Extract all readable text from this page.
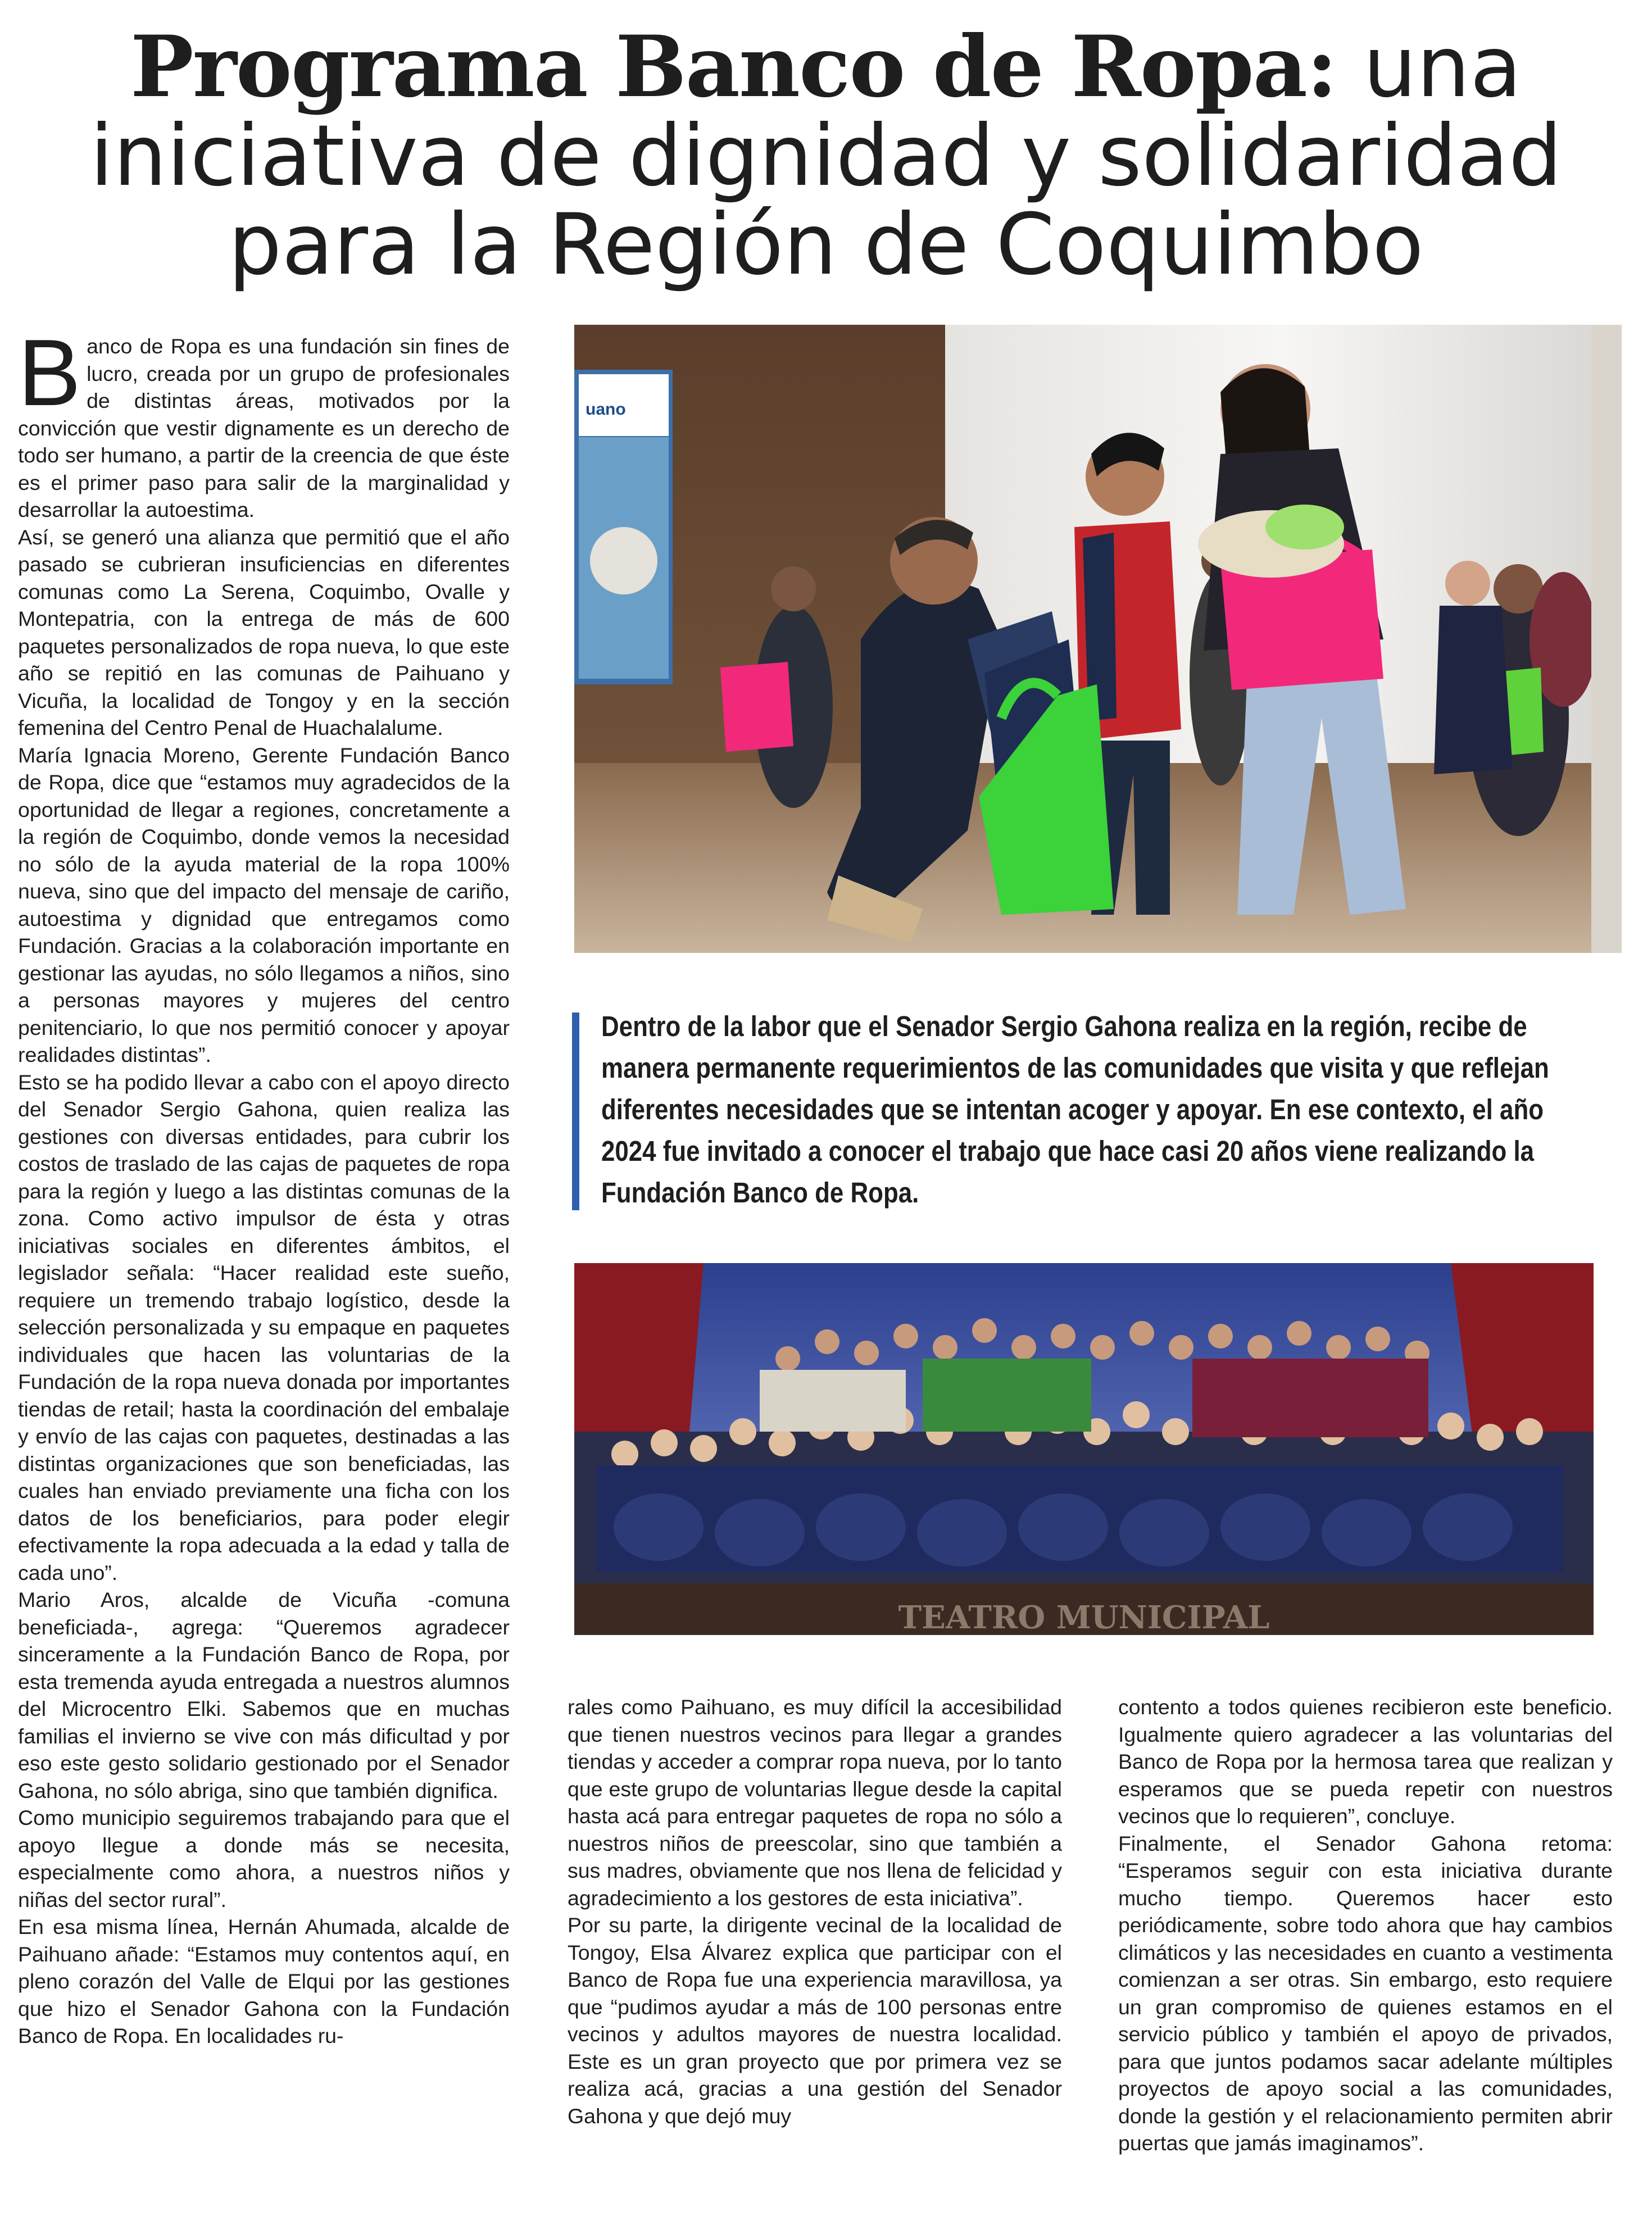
Programa Banco de Ropa: una iniciativa de dignidad y solidaridad para la Región de Coquimbo
B anco de Ropa es una fundación sin fines de lucro, creada por un grupo de profesionales de distintas áreas, motivados por la convicción que vestir dignamente es un derecho de todo ser humano, a partir de la creencia de que éste es el primer paso para salir de la marginalidad y desarrollar la autoestima.

Así, se generó una alianza que permitió que el año pasado se cubrieran insuficiencias en diferentes comunas como La Serena, Coquimbo, Ovalle y Montepatria, con la entrega de más de 600 paquetes personalizados de ropa nueva, lo que este año se repitió en las comunas de Paihuano y Vicuña, la localidad de Tongoy y en la sección femenina del Centro Penal de Huachalalume.

María Ignacia Moreno, Gerente Fundación Banco de Ropa, dice que “estamos muy agradecidos de la oportunidad de llegar a regiones, concretamente a la región de Coquimbo, donde vemos la necesidad no sólo de la ayuda material de la ropa 100% nueva, sino que del impacto del mensaje de cariño, autoestima y dignidad que entregamos como Fundación. Gracias a la colaboración importante en gestionar las ayudas, no sólo llegamos a niños, sino a personas mayores y mujeres del centro penitenciario, lo que nos permitió conocer y apoyar realidades distintas”.

Esto se ha podido llevar a cabo con el apoyo directo del Senador Sergio Gahona, quien realiza las gestiones con diversas entidades, para cubrir los costos de traslado de las cajas de paquetes de ropa para la región y luego a las distintas comunas de la zona. Como activo impulsor de ésta y otras iniciativas sociales en diferentes ámbitos, el legislador señala: “Hacer realidad este sueño, requiere un tremendo trabajo logístico, desde la selección personalizada y su empaque en paquetes individuales que hacen las voluntarias de la Fundación de la ropa nueva donada por importantes tiendas de retail; hasta la coordinación del embalaje y envío de las cajas con paquetes, destinadas a las distintas organizaciones que son beneficiadas, las cuales han enviado previamente una ficha con los datos de los beneficiarios, para poder elegir efectivamente la ropa adecuada a la edad y talla de cada uno”.

Mario Aros, alcalde de Vicuña -comuna beneficiada-, agrega: “Queremos agradecer sinceramente a la Fundación Banco de Ropa, por esta tremenda ayuda entregada a nuestros alumnos del Microcentro Elki. Sabemos que en muchas familias el invierno se vive con más dificultad y por eso este gesto solidario gestionado por el Senador Gahona, no sólo abriga, sino que también dignifica.

Como municipio seguiremos trabajando para que el apoyo llegue a donde más se necesita, especialmente como ahora, a nuestros niños y niñas del sector rural”.

En esa misma línea, Hernán Ahumada, alcalde de Paihuano añade: “Estamos muy contentos aquí, en pleno corazón del Valle de Elqui por las gestiones que hizo el Senador Gahona con la Fundación Banco de Ropa. En localidades ru-

uano

Dentro de la labor que el Senador Sergio Gahona realiza en la región, recibe de manera permanente requerimientos de las comunidades que visita y que reflejan diferentes necesidades que se intentan acoger y apoyar. En ese contexto, el año 2024 fue invitado a conocer el trabajo que hace casi 20 años viene realizando la Fundación Banco de Ropa.

TEATRO MUNICIPAL

rales como Paihuano, es muy difícil la accesibilidad que tienen nuestros vecinos para llegar a grandes tiendas y acceder a comprar ropa nueva, por lo tanto que este grupo de voluntarias llegue desde la capital hasta acá para entregar paquetes de ropa no sólo a nuestros niños de preescolar, sino que también a sus madres, obviamente que nos llena de felicidad y agradecimiento a los gestores de esta iniciativa”.

Por su parte, la dirigente vecinal de la localidad de Tongoy, Elsa Álvarez explica que participar con el Banco de Ropa fue una experiencia maravillosa, ya que “pudimos ayudar a más de 100 personas entre vecinos y adultos mayores de nuestra localidad. Este es un gran proyecto que por primera vez se realiza acá, gracias a una gestión del Senador Gahona y que dejó muy

contento a todos quienes recibieron este beneficio. Igualmente quiero agradecer a las voluntarias del Banco de Ropa por la hermosa tarea que realizan y esperamos que se pueda repetir con nuestros vecinos que lo requieren”, concluye.

Finalmente, el Senador Gahona retoma: “Esperamos seguir con esta iniciativa durante mucho tiempo. Queremos hacer esto periódicamente, sobre todo ahora que hay cambios climáticos y las necesidades en cuanto a vestimenta comienzan a ser otras. Sin embargo, esto requiere un gran compromiso de quienes estamos en el servicio público y también el apoyo de privados, para que juntos podamos sacar adelante múltiples proyectos de apoyo social a las comunidades, donde la gestión y el relacionamiento permiten abrir puertas que jamás imaginamos”.
